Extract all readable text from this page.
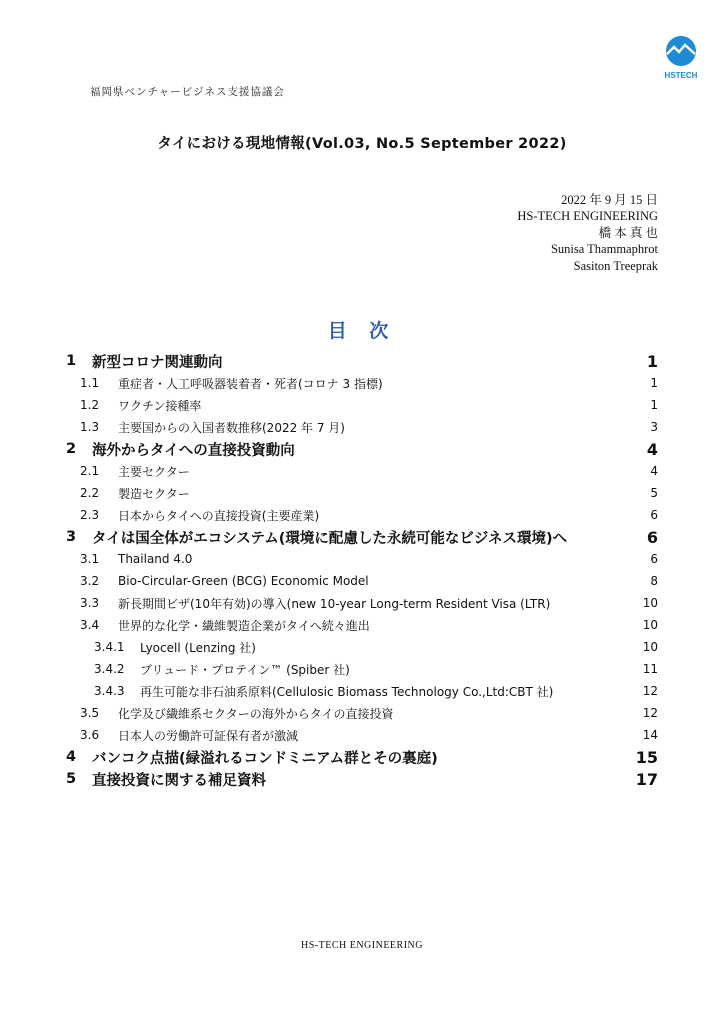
HSTECH
福岡県ベンチャービジネス支援協議会
タイにおける現地情報(Vol.03, No.5 September 2022)
2022 年 9 月 15 日
HS-TECH ENGINEERING
橋 本 真 也
Sunisa Thammaphrot
Sasiton Treeprak
目 次
1	新型コロナ関連動向	1
1.1	重症者・人工呼吸器装着者・死者(コロナ 3 指標)	1
1.2	ワクチン接種率	1
1.3	主要国からの入国者数推移(2022 年 7 月)	3
2	海外からタイへの直接投資動向	4
2.1	主要セクター	4
2.2	製造セクター	5
2.3	日本からタイへの直接投資(主要産業)	6
3	タイは国全体がエコシステム(環境に配慮した永続可能なビジネス環境)へ	6
3.1	Thailand 4.0	6
3.2	Bio-Circular-Green (BCG) Economic Model	8
3.3	新長期間ビザ(10年有効)の導入(new 10-year Long-term Resident Visa (LTR)	10
3.4	世界的な化学・繊維製造企業がタイへ続々進出	10
3.4.1	Lyocell (Lenzing 社)	10
3.4.2	ブリュード・プロテイン™ (Spiber 社)	11
3.4.3	再生可能な非石油系原料(Cellulosic Biomass Technology Co.,Ltd:CBT 社)	12
3.5	化学及び繊維系セクターの海外からタイの直接投資	12
3.6	日本人の労働許可証保有者が激減	14
4	バンコク点描(緑溢れるコンドミニアム群とその裏庭)	15
5	直接投資に関する補足資料	17
HS-TECH ENGINEERING
